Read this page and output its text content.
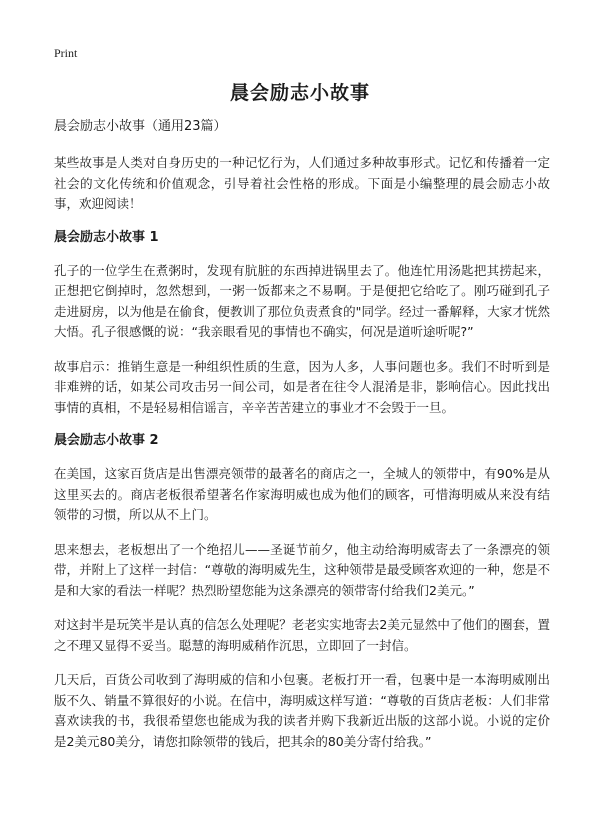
Print
晨会励志小故事
晨会励志小故事（通用23篇）

某些故事是人类对自身历史的一种记忆行为，人们通过多种故事形式。记忆和传播着一定社会的文化传统和价值观念，引导着社会性格的形成。下面是小编整理的晨会励志小故事，欢迎阅读！

晨会励志小故事 1

孔子的一位学生在煮粥时，发现有肮脏的东西掉进锅里去了。他连忙用汤匙把其捞起来，正想把它倒掉时，忽然想到，一粥一饭都来之不易啊。于是便把它给吃了。刚巧碰到孔子走进厨房，以为他是在偷食，便教训了那位负责煮食的"同学。经过一番解释，大家才恍然大悟。孔子很感慨的说：“我亲眼看见的事情也不确实，何况是道听途听呢?”

故事启示：推销生意是一种组织性质的生意，因为人多，人事问题也多。我们不时听到是非难辨的话，如某公司攻击另一间公司，如是者在往令人混淆是非，影响信心。因此找出事情的真相，不是轻易相信谣言，辛辛苦苦建立的事业才不会毁于一旦。

晨会励志小故事 2

在美国，这家百货店是出售漂亮领带的最著名的商店之一，全城人的领带中，有90%是从这里买去的。商店老板很希望著名作家海明威也成为他们的顾客，可惜海明威从来没有结领带的习惯，所以从不上门。

思来想去，老板想出了一个绝招儿——圣诞节前夕，他主动给海明威寄去了一条漂亮的领带，并附上了这样一封信：“尊敬的海明威先生，这种领带是最受顾客欢迎的一种，您是不是和大家的看法一样呢？热烈盼望您能为这条漂亮的领带寄付给我们2美元。”

对这封半是玩笑半是认真的信怎么处理呢？老老实实地寄去2美元显然中了他们的圈套，置之不理又显得不妥当。聪慧的海明威稍作沉思，立即回了一封信。

几天后，百货公司收到了海明威的信和小包裹。老板打开一看，包裹中是一本海明威刚出版不久、销量不算很好的小说。在信中，海明威这样写道：“尊敬的百货店老板：人们非常喜欢读我的书，我很希望您也能成为我的读者并购下我新近出版的这部小说。小说的定价是2美元80美分，请您扣除领带的钱后，把其余的80美分寄付给我。”
